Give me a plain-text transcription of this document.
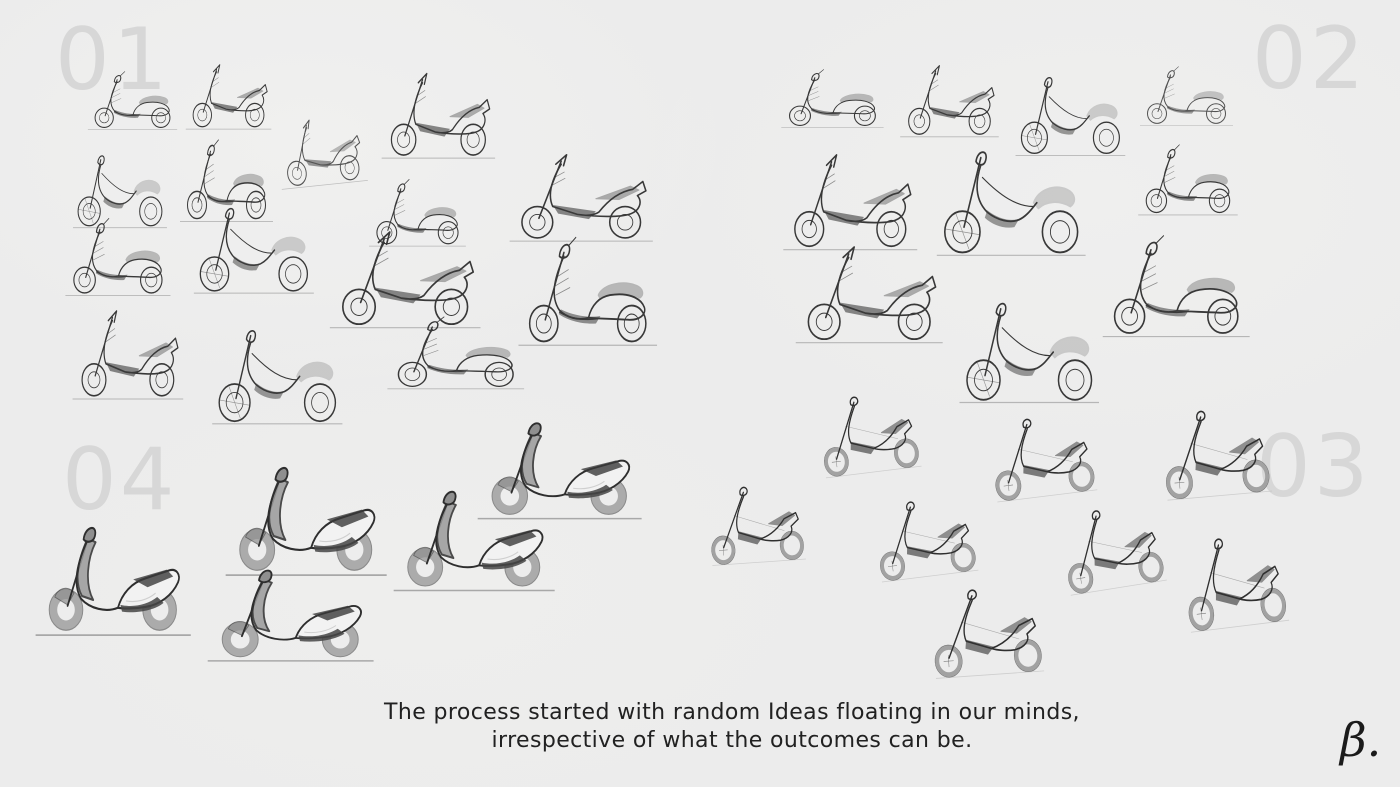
01	02
03
04
The process started with random Ideas floating in our minds,
irrespective of what the outcomes can be.	β.
